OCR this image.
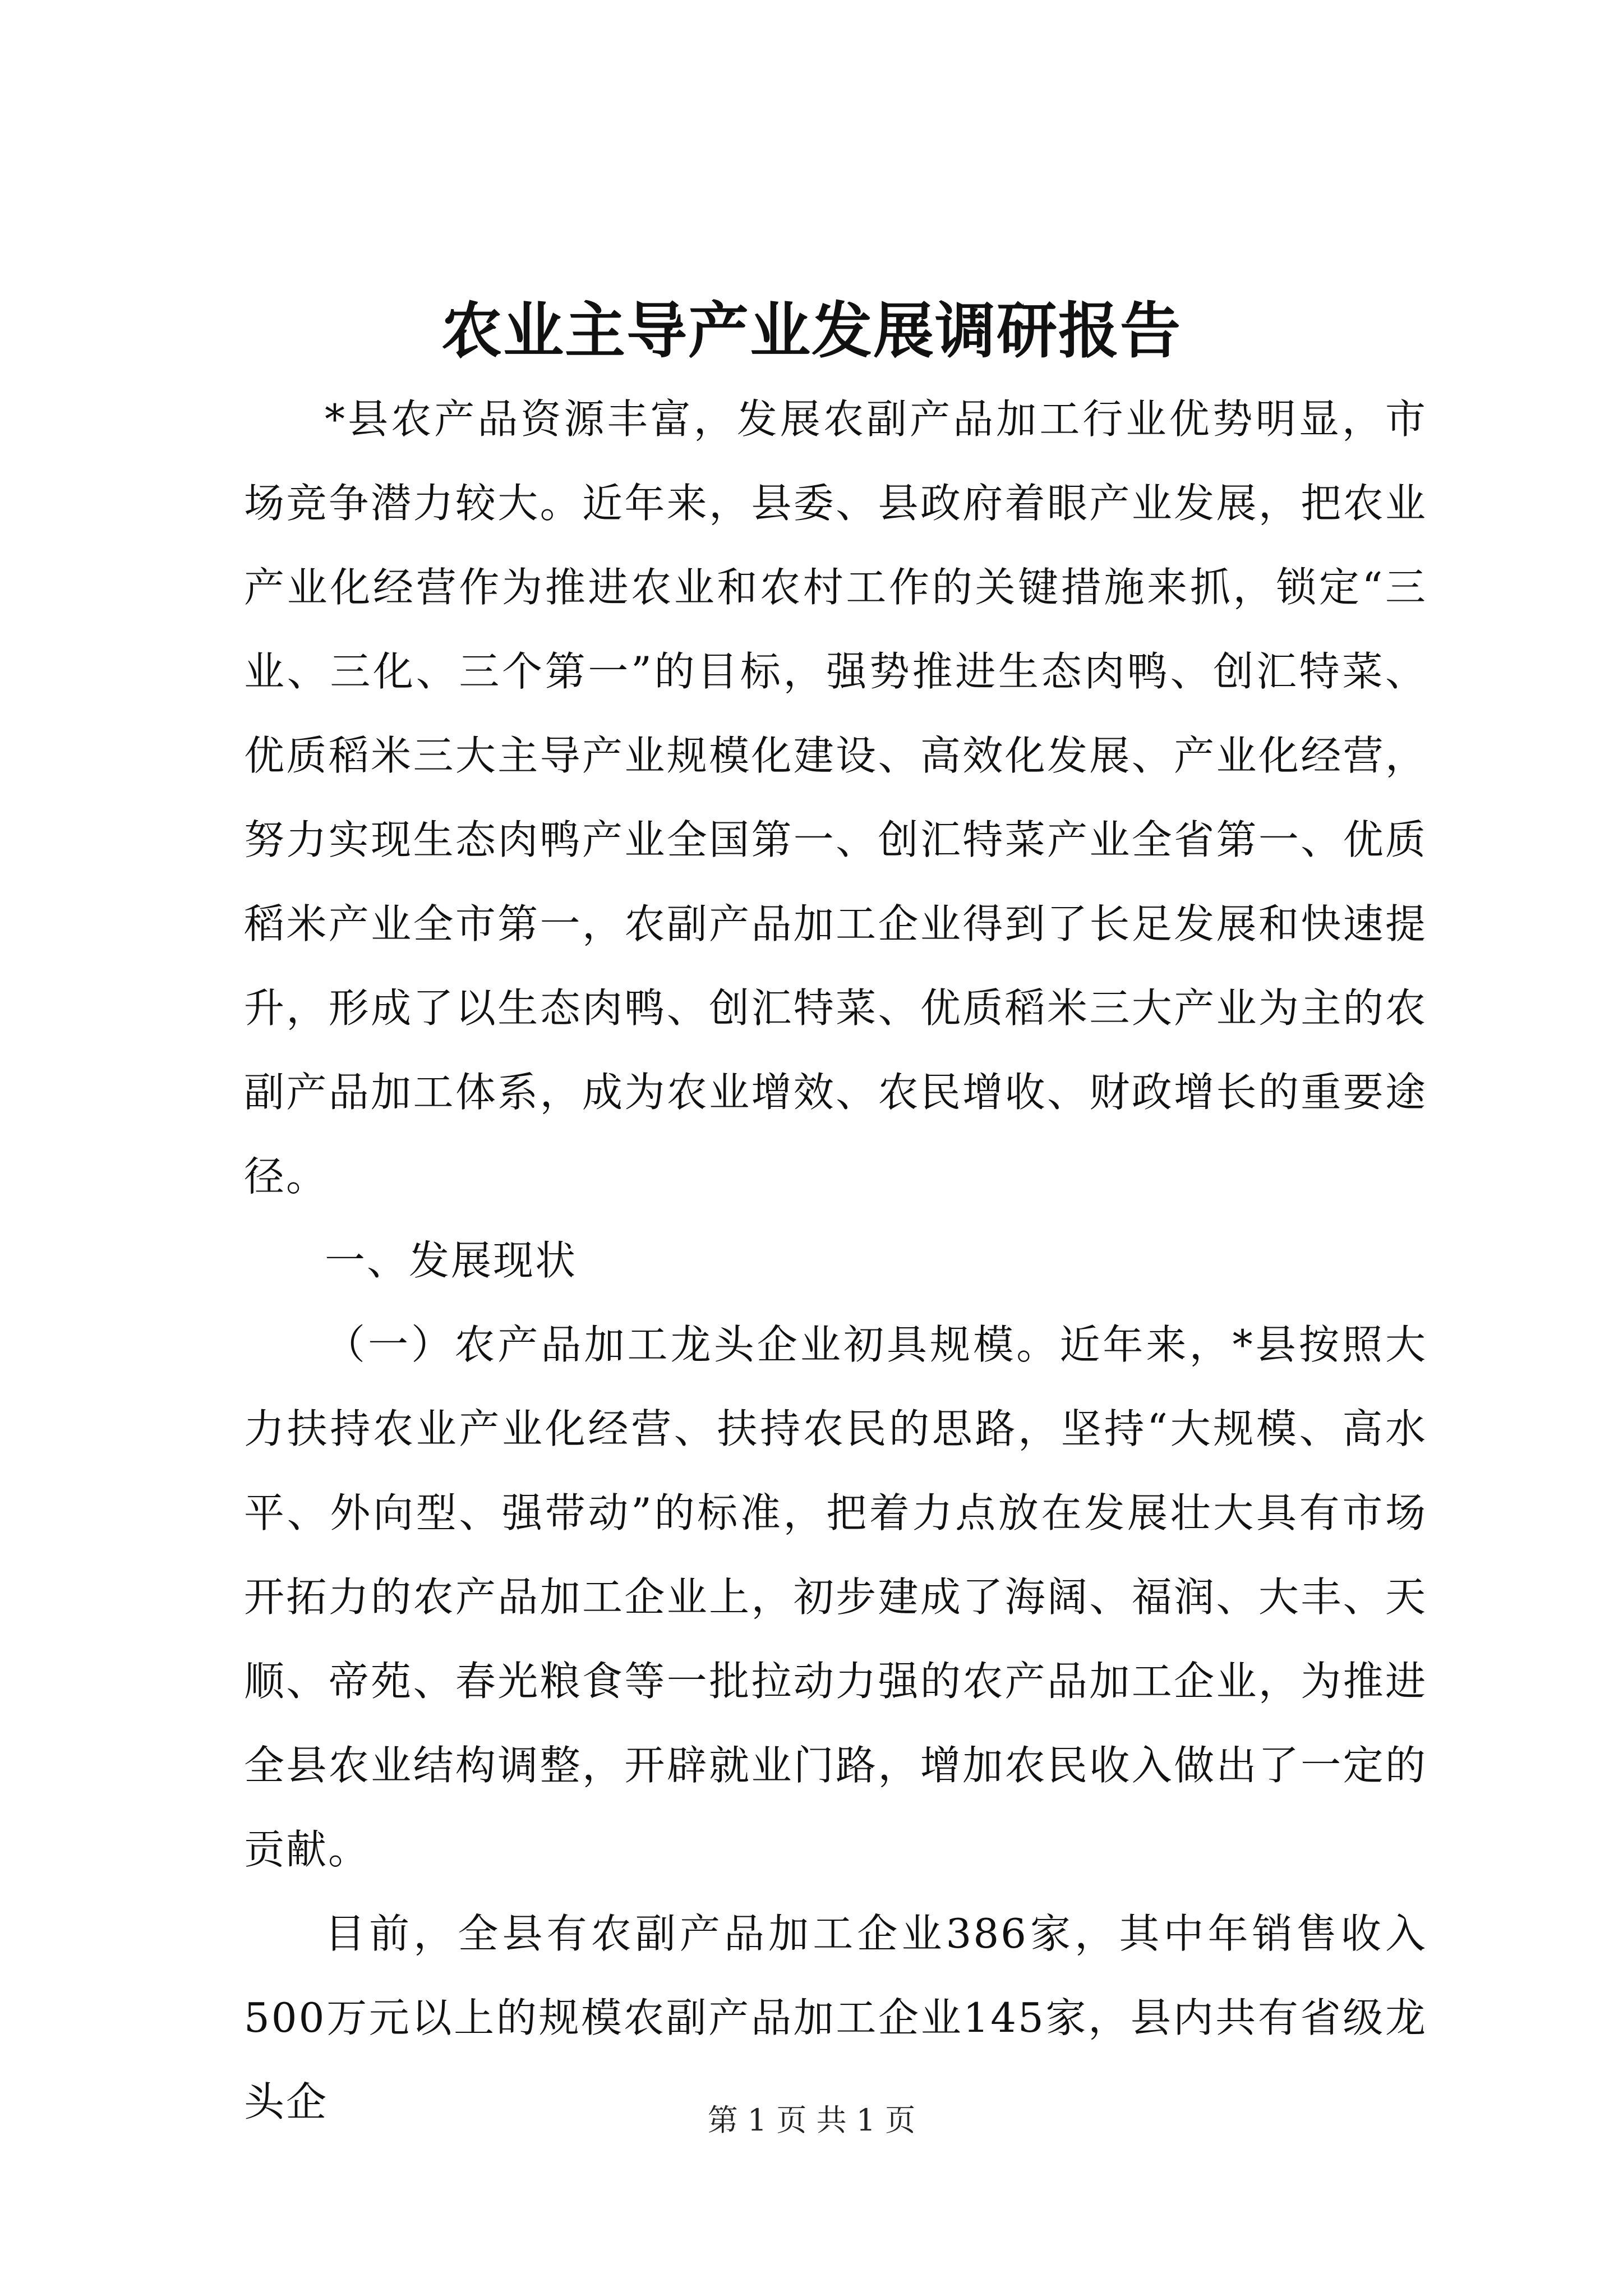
农业主导产业发展调研报告

*县农产品资源丰富，发展农副产品加工行业优势明显，市场竞争潜力较大。近年来，县委、县政府着眼产业发展，把农业产业化经营作为推进农业和农村工作的关键措施来抓，锁定“三业、三化、三个第一”的目标，强势推进生态肉鸭、创汇特菜、优质稻米三大主导产业规模化建设、高效化发展、产业化经营，努力实现生态肉鸭产业全国第一、创汇特菜产业全省第一、优质稻米产业全市第一，农副产品加工企业得到了长足发展和快速提升，形成了以生态肉鸭、创汇特菜、优质稻米三大产业为主的农副产品加工体系，成为农业增效、农民增收、财政增长的重要途径。

一、发展现状

（一）农产品加工龙头企业初具规模。近年来，*县按照大力扶持农业产业化经营、扶持农民的思路，坚持“大规模、高水平、外向型、强带动”的标准，把着力点放在发展壮大具有市场开拓力的农产品加工企业上，初步建成了海阔、福润、大丰、天顺、帝苑、春光粮食等一批拉动力强的农产品加工企业，为推进全县农业结构调整，开辟就业门路，增加农民收入做出了一定的贡献。

目前，全县有农副产品加工企业386家，其中年销售收入500万元以上的规模农副产品加工企业145家，县内共有省级龙头企	第 1 页 共 1 页
